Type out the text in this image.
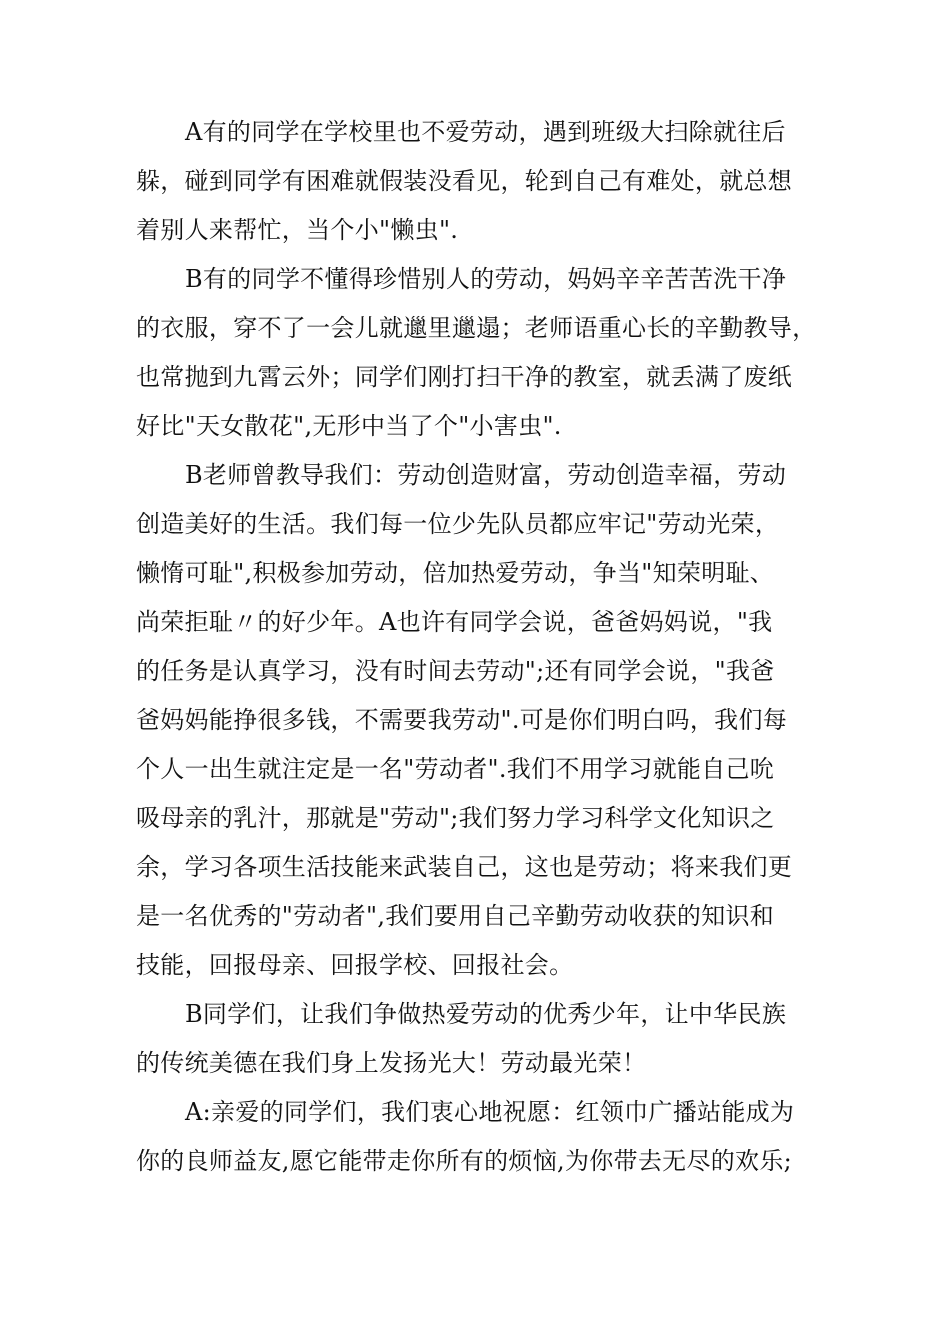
A有的同学在学校里也不爱劳动，遇到班级大扫除就往后
躲，碰到同学有困难就假装没看见，轮到自己有难处，就总想
着别人来帮忙，当个小"懒虫".
B有的同学不懂得珍惜别人的劳动，妈妈辛辛苦苦洗干净
的衣服，穿不了一会儿就邋里邋遢；老师语重心长的辛勤教导，
也常抛到九霄云外；同学们刚打扫干净的教室，就丢满了废纸
好比"天女散花",无形中当了个"小害虫".
B老师曾教导我们：劳动创造财富，劳动创造幸福，劳动
创造美好的生活。我们每一位少先队员都应牢记"劳动光荣，
懒惰可耻",积极参加劳动，倍加热爱劳动，争当"知荣明耻、
尚荣拒耻〃的好少年。A也许有同学会说，爸爸妈妈说，"我
的任务是认真学习，没有时间去劳动";还有同学会说，"我爸
爸妈妈能挣很多钱，不需要我劳动".可是你们明白吗，我们每
个人一出生就注定是一名"劳动者".我们不用学习就能自己吮
吸母亲的乳汁，那就是"劳动";我们努力学习科学文化知识之
余，学习各项生活技能来武装自己，这也是劳动；将来我们更
是一名优秀的"劳动者",我们要用自己辛勤劳动收获的知识和
技能，回报母亲、回报学校、回报社会。
B同学们，让我们争做热爱劳动的优秀少年，让中华民族
的传统美德在我们身上发扬光大！劳动最光荣！
A:亲爱的同学们，我们衷心地祝愿：红领巾广播站能成为
你的良师益友,愿它能带走你所有的烦恼,为你带去无尽的欢乐;
